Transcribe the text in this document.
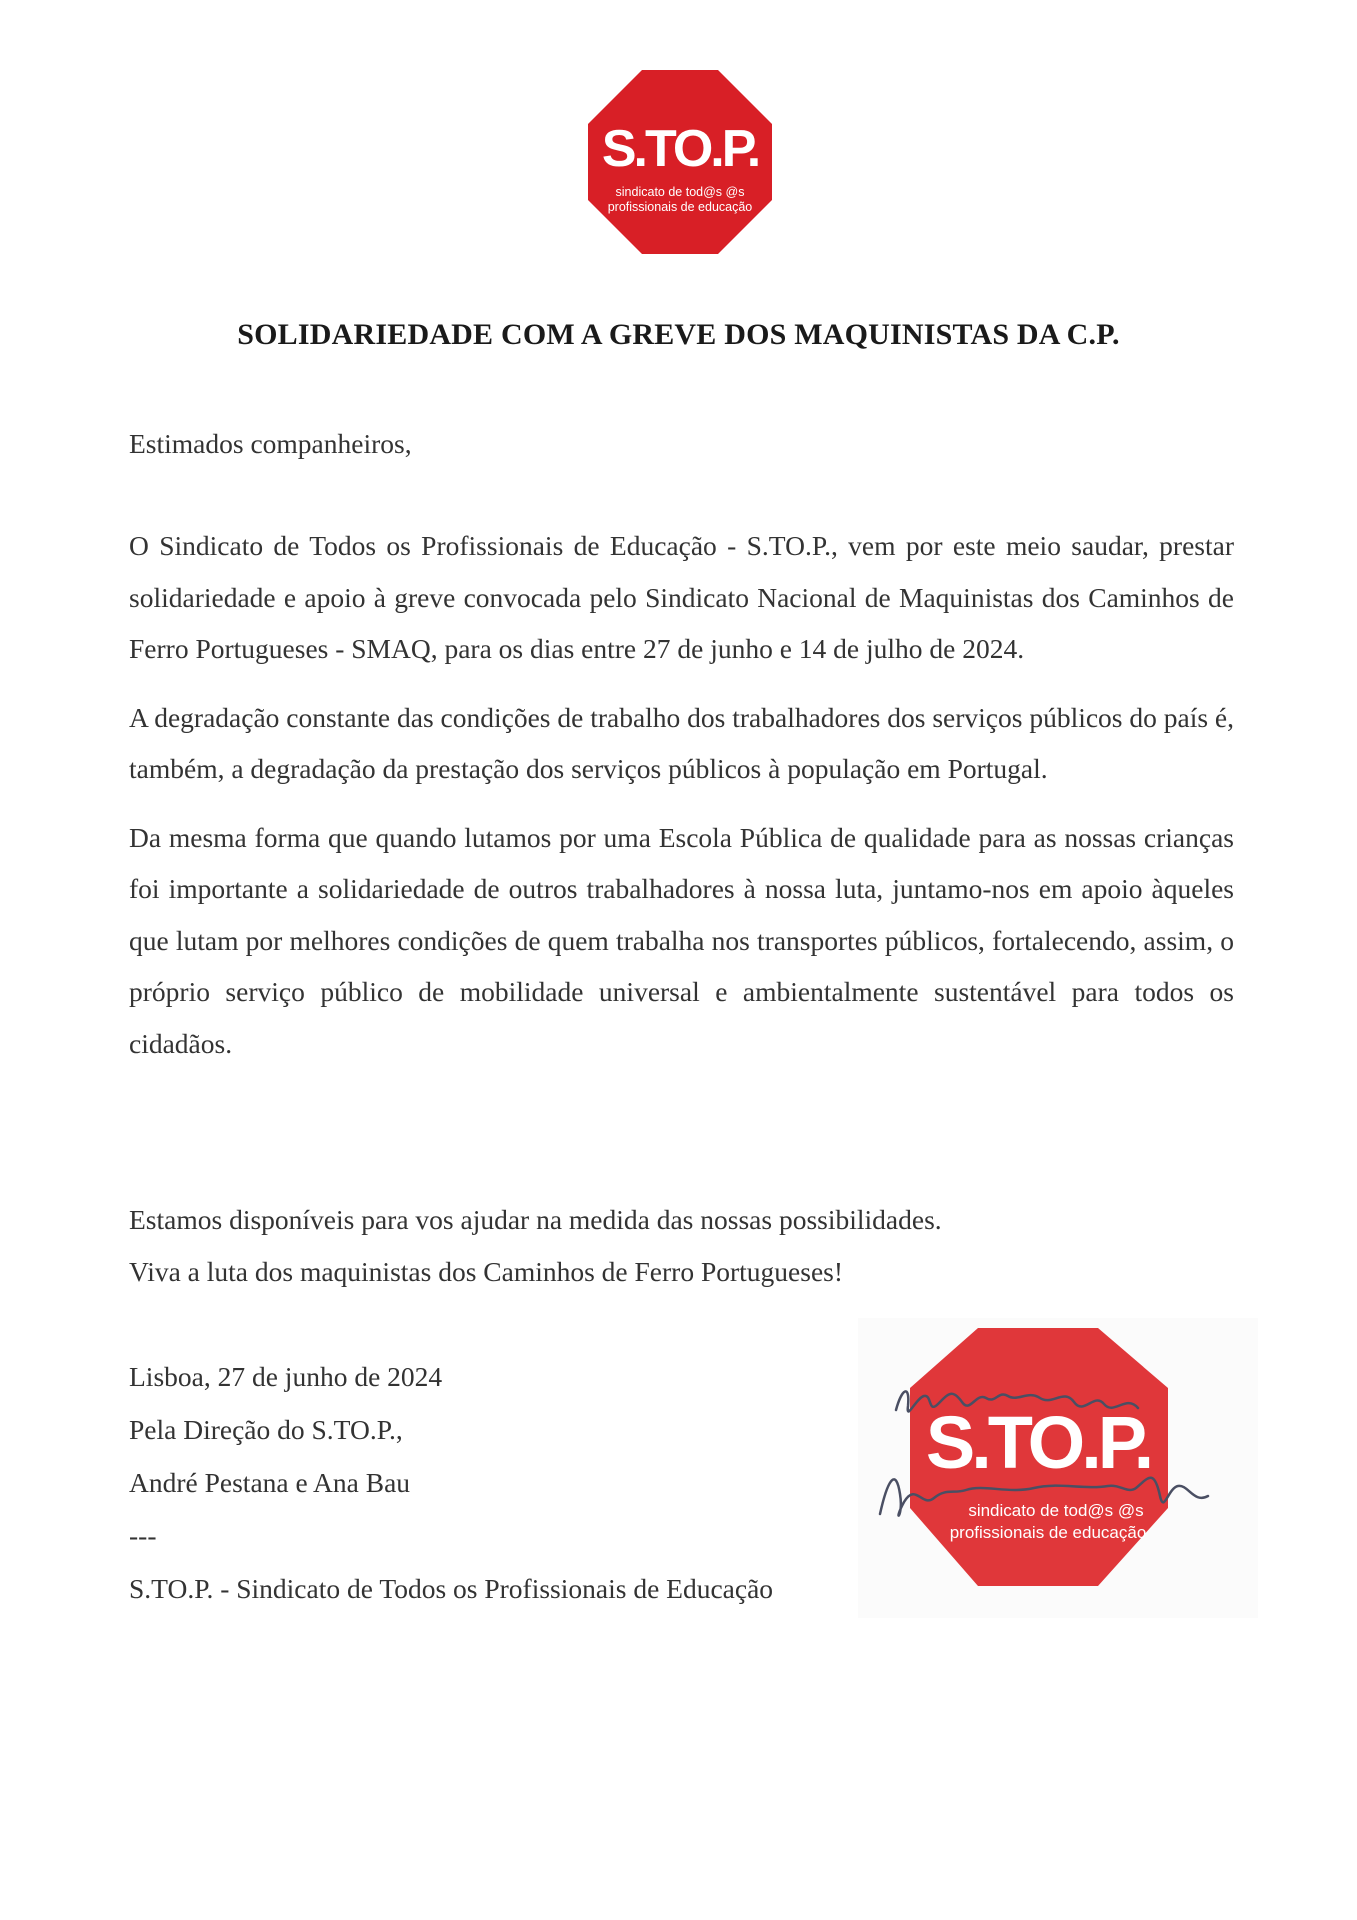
S.TO.P.
sindicato de tod@s @s
profissionais de educação
SOLIDARIEDADE COM A GREVE DOS MAQUINISTAS DA C.P.
Estimados companheiros,

O Sindicato de Todos os Profissionais de Educação - S.TO.P., vem por este meio saudar, prestar solidariedade e apoio à greve convocada pelo Sindicato Nacional de Maquinistas dos Caminhos de Ferro Portugueses - SMAQ, para os dias entre 27 de junho e 14 de julho de 2024.

A degradação constante das condições de trabalho dos trabalhadores dos serviços públicos do país é, também, a degradação da prestação dos serviços públicos à população em Portugal.

Da mesma forma que quando lutamos por uma Escola Pública de qualidade para as nossas crianças foi importante a solidariedade de outros trabalhadores à nossa luta, juntamo-nos em apoio àqueles que lutam por melhores condições de quem trabalha nos transportes públicos, fortalecendo, assim, o próprio serviço público de mobilidade universal e ambientalmente sustentável para todos os cidadãos.

Estamos disponíveis para vos ajudar na medida das nossas possibilidades.
Viva a luta dos maquinistas dos Caminhos de Ferro Portugueses!
Lisboa, 27 de junho de 2024
Pela Direção do S.TO.P.,
André Pestana e Ana Bau
---
S.TO.P. - Sindicato de Todos os Profissionais de Educação
S.TO.P.
sindicato de tod@s @s
profissionais de educação
